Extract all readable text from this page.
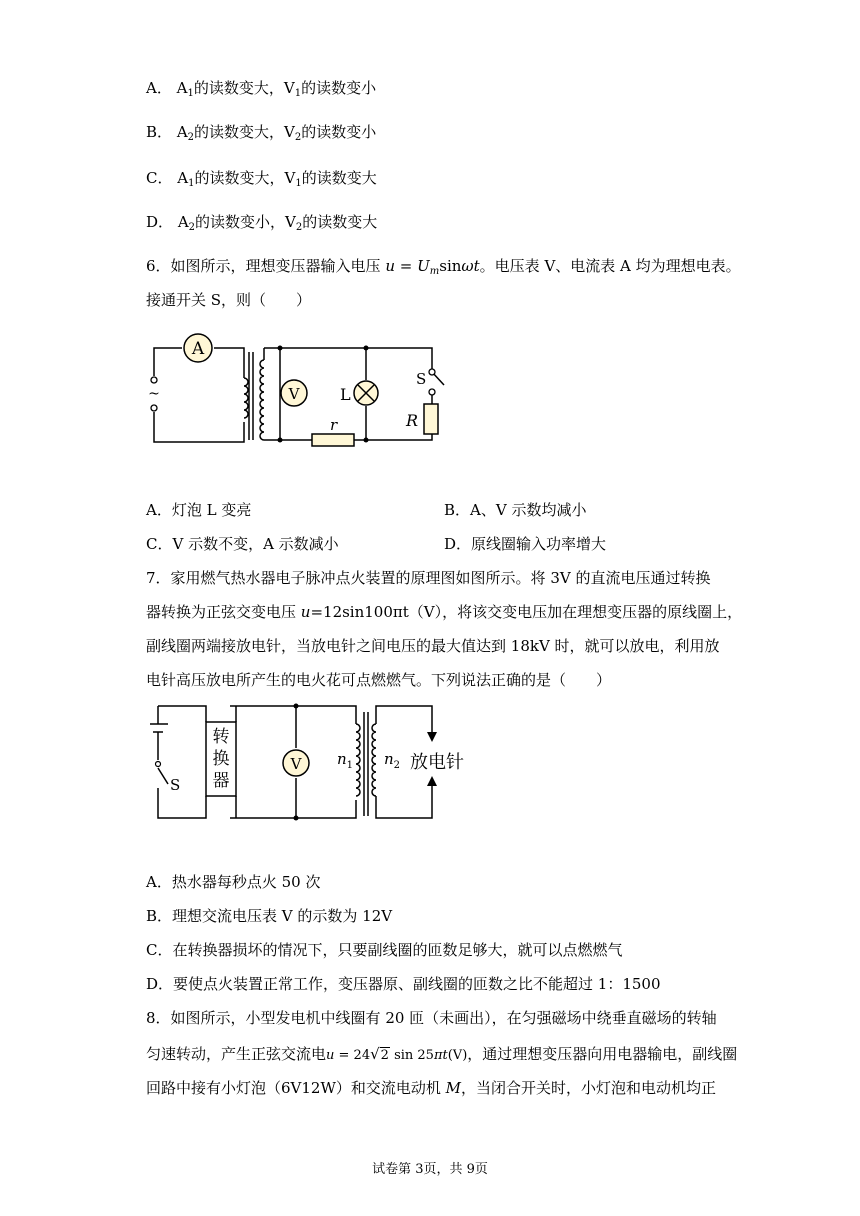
A． $A_1$的读数变大，$V_1$的读数变小
B． $A_2$的读数变大，$V_2$的读数变小
C． $A_1$的读数变大，$V_1$的读数变大
D． $A_2$的读数变小，$V_2$的读数变大
6．如图所示，理想变压器输入电压 $u = U_m\sin\omega t$。电压表 V、电流表 A 均为理想电表。
接通开关 S，则（　　）
A
V	L
~
S
R
r
A．灯泡 L 变亮	B．A、V 示数均减小
C．V 示数不变，A 示数减小	D．原线圈输入功率增大
7．家用燃气热水器电子脉冲点火装置的原理图如图所示。将 3V 的直流电压通过转换
器转换为正弦交变电压 u=12sin100πt（V），将该交变电压加在理想变压器的原线圈上，
副线圈两端接放电针，当放电针之间电压的最大值达到 18kV 时，就可以放电，利用放
电针高压放电所产生的电火花可点燃燃气。下列说法正确的是（　　）
V
转
换
器
S
$n_1$ $n_2$ 放电针
A．热水器每秒点火 50 次
B．理想交流电压表 V 的示数为 12V
C．在转换器损坏的情况下，只要副线圈的匝数足够大，就可以点燃燃气
D．要使点火装置正常工作，变压器原、副线圈的匝数之比不能超过 1：1500
8．如图所示，小型发电机中线圈有 20 匝（未画出），在匀强磁场中绕垂直磁场的转轴
匀速转动，产生正弦交流电u = 24√2 sin 25πt(V)，通过理想变压器向用电器输电，副线圈
回路中接有小灯泡（6V12W）和交流电动机 M，当闭合开关时，小灯泡和电动机均正
试卷第 3页，共 9页
